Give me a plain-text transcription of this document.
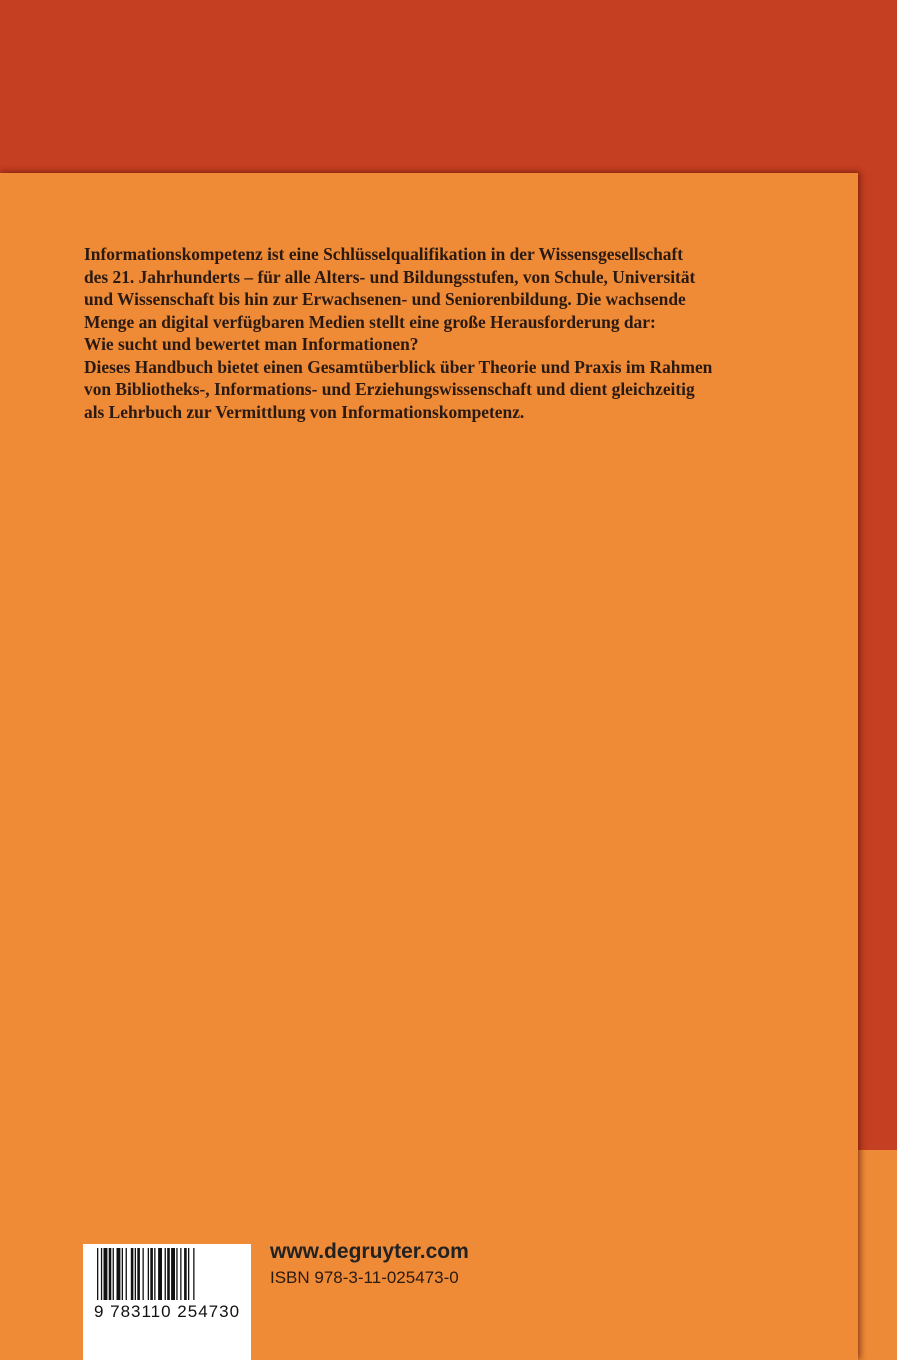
Informationskompetenz ist eine Schlüsselqualifikation in der Wissensgesellschaft
des 21. Jahrhunderts – für alle Alters- und Bildungsstufen, von Schule, Universität
und Wissenschaft bis hin zur Erwachsenen- und Seniorenbildung. Die wachsende
Menge an digital verfügbaren Medien stellt eine große Herausforderung dar:
Wie sucht und bewertet man Informationen?
Dieses Handbuch bietet einen Gesamtüberblick über Theorie und Praxis im Rahmen
von Bibliotheks-, Informations- und Erziehungswissenschaft und dient gleichzeitig
als Lehrbuch zur Vermittlung von Informationskompetenz.

9 783110 254730

www.degruyter.com

ISBN 978-3-11-025473-0
